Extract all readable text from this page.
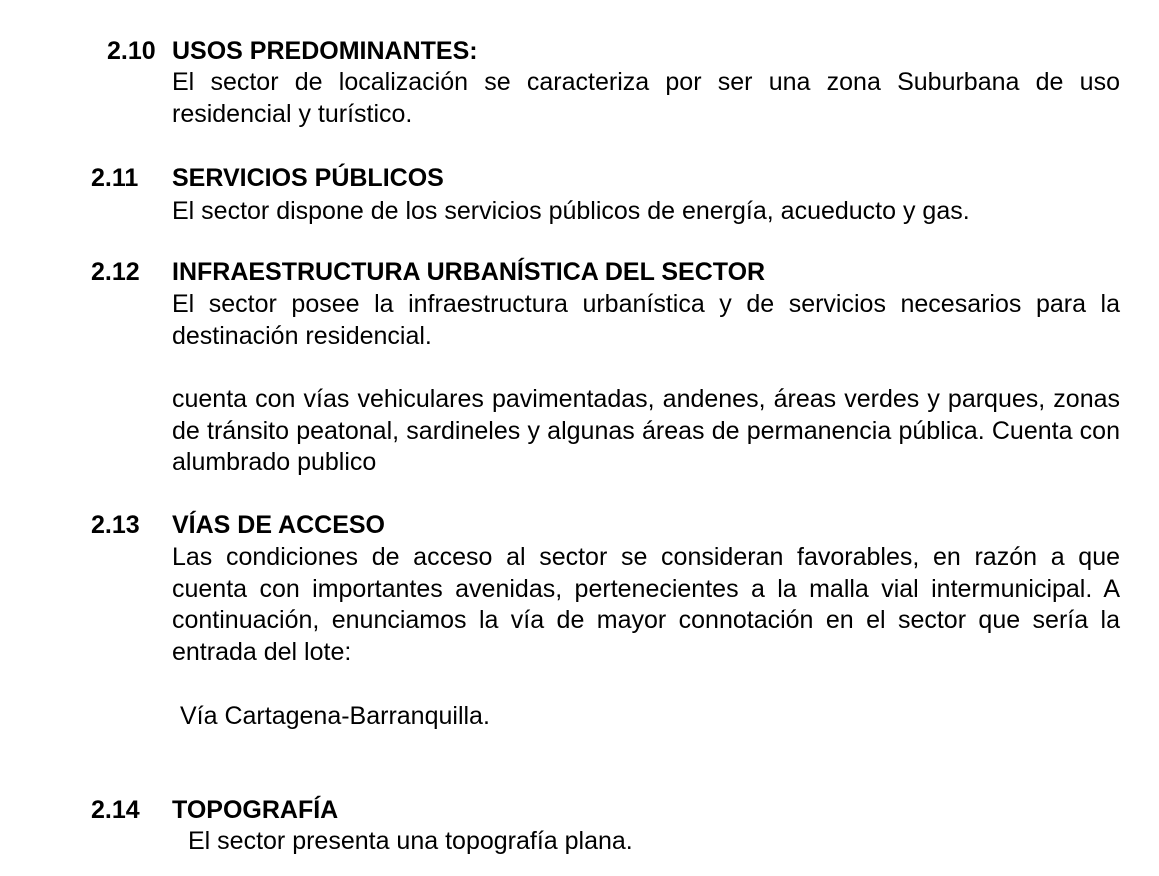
2.10 USOS PREDOMINANTES:
El sector de localización se caracteriza por ser una zona Suburbana de uso residencial y turístico.
2.11 SERVICIOS PÚBLICOS
El sector dispone de los servicios públicos de energía, acueducto y gas.
2.12 INFRAESTRUCTURA URBANÍSTICA DEL SECTOR
El sector posee la infraestructura urbanística y de servicios necesarios para la destinación residencial.
cuenta con vías vehiculares pavimentadas, andenes, áreas verdes y parques, zonas de tránsito peatonal, sardineles y algunas áreas de permanencia pública. Cuenta con alumbrado publico
2.13 VÍAS DE ACCESO
Las condiciones de acceso al sector se consideran favorables, en razón a que cuenta con importantes avenidas, pertenecientes a la malla vial intermunicipal. A continuación, enunciamos la vía de mayor connotación en el sector que sería la entrada del lote:
Vía Cartagena-Barranquilla.
2.14 TOPOGRAFÍA
El sector presenta una topografía plana.
